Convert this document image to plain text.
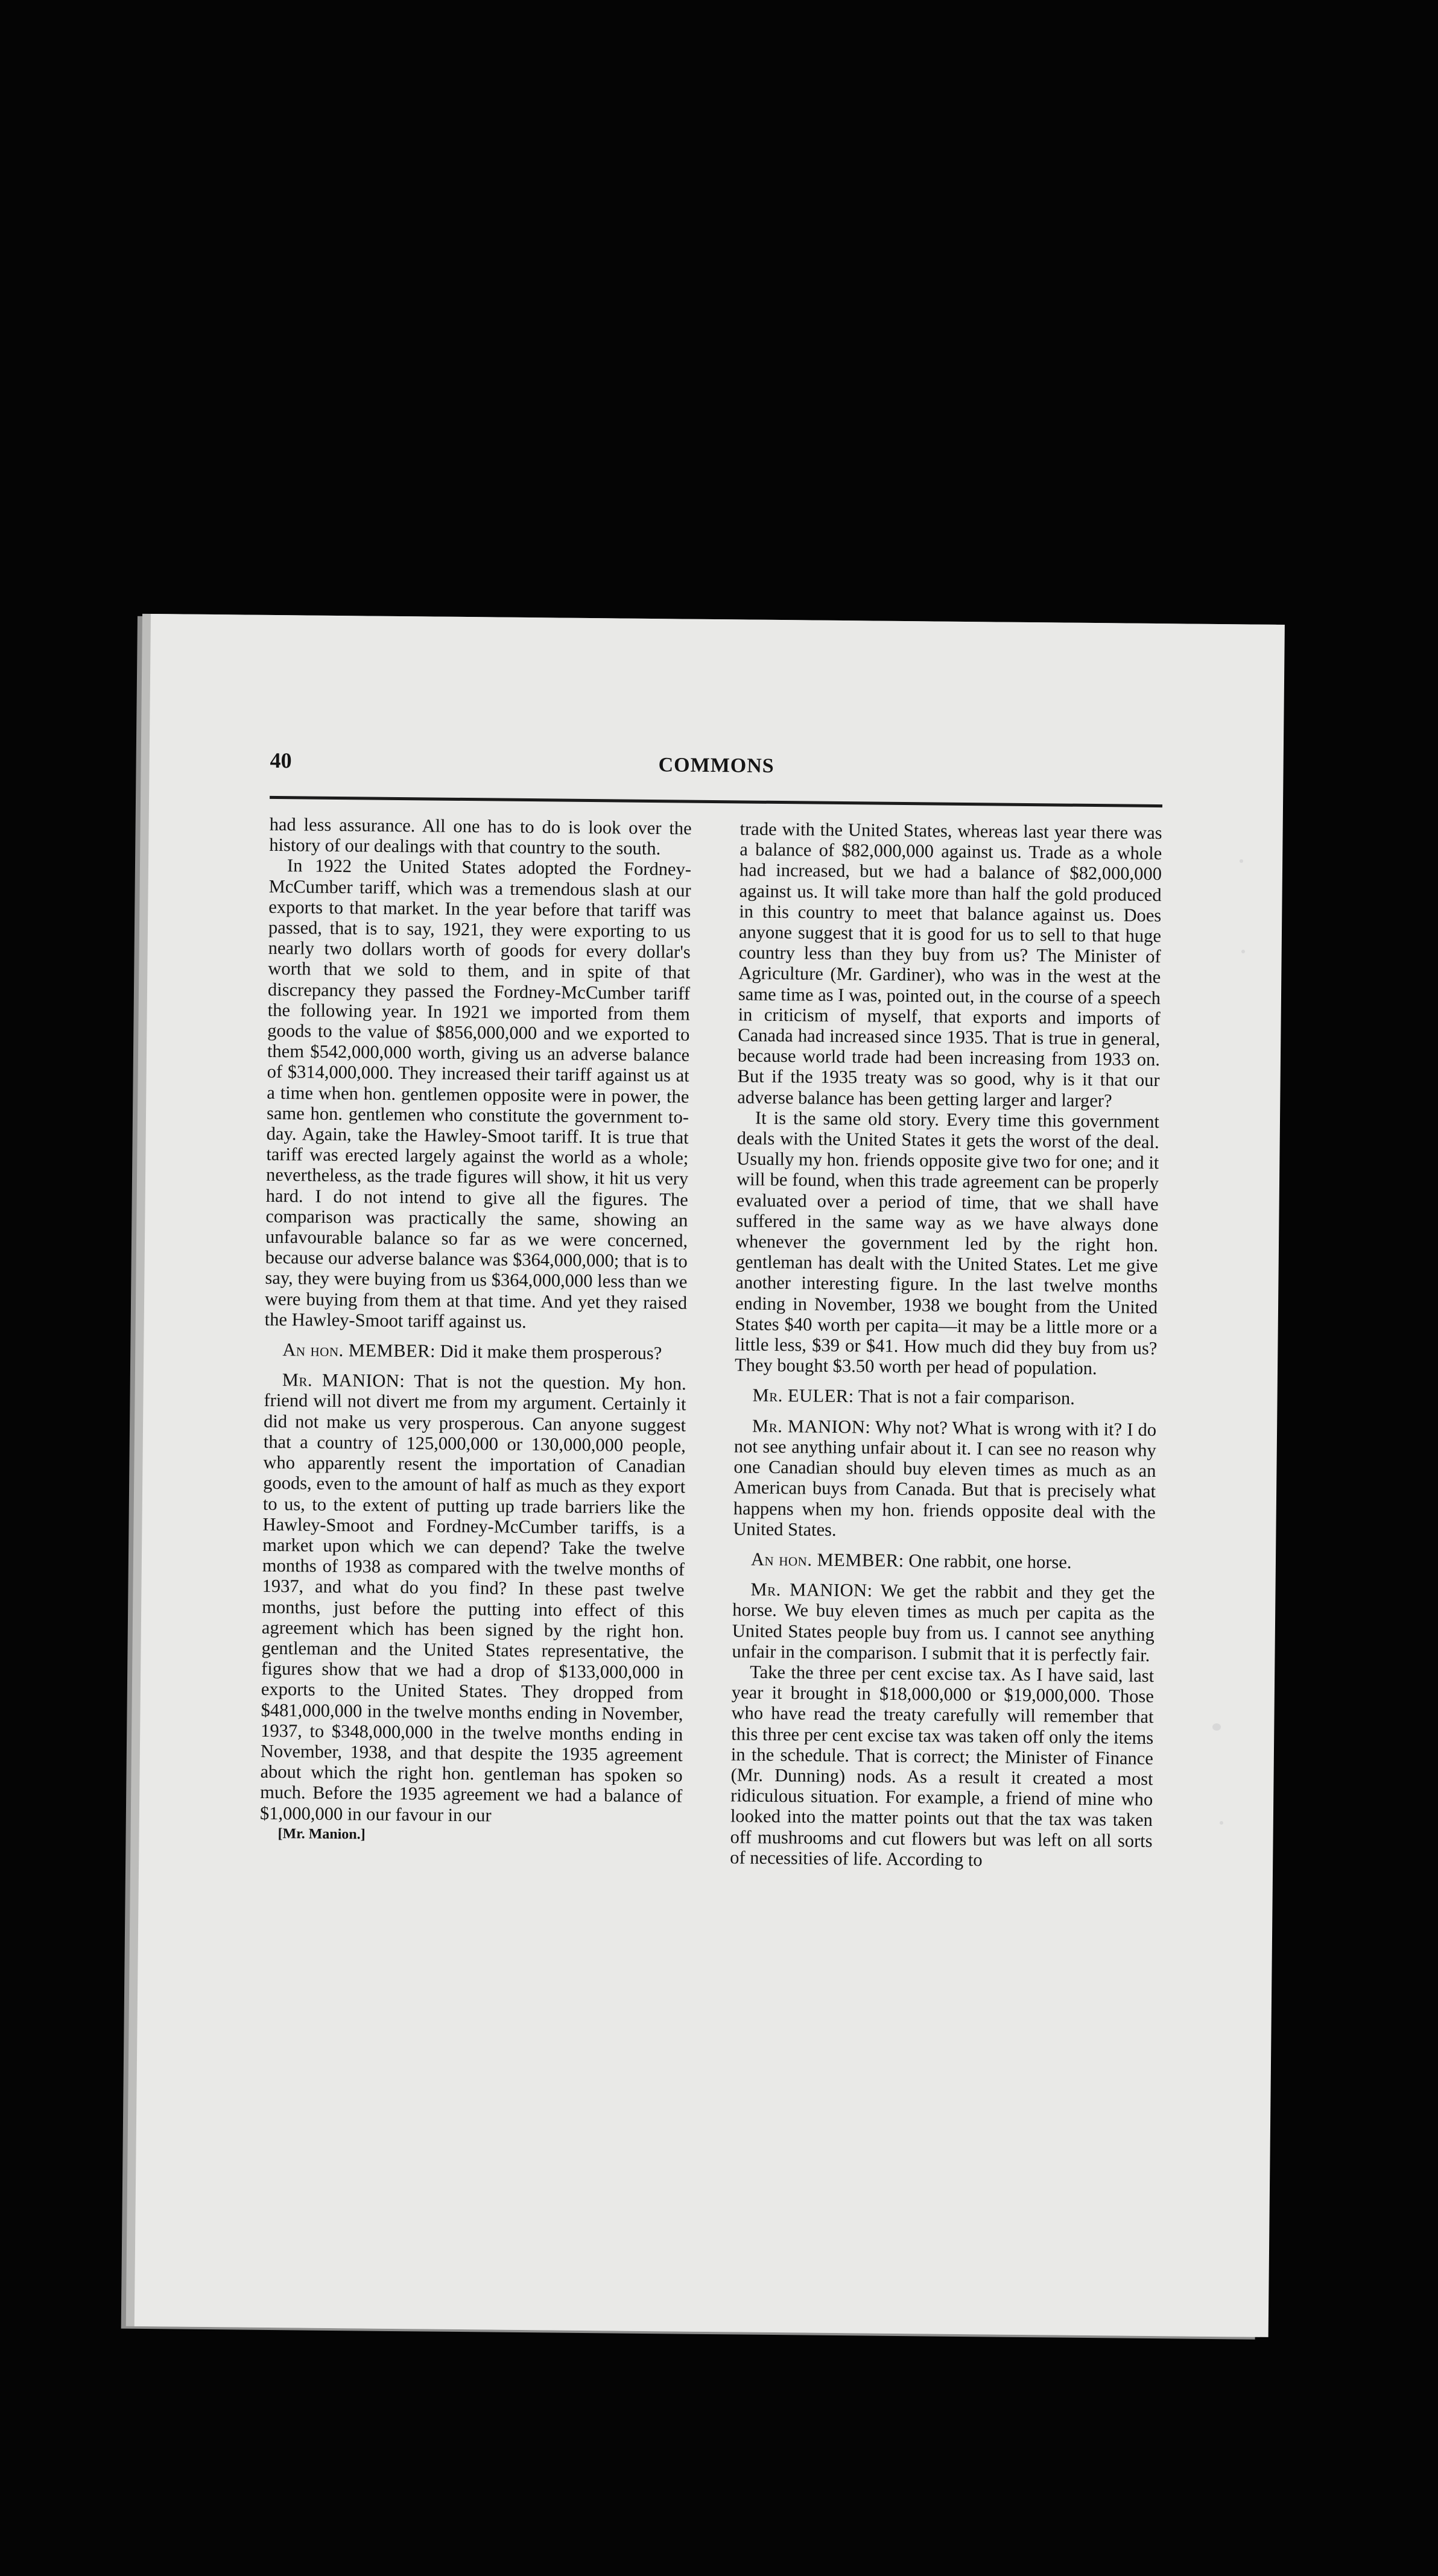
40	COMMONS

had less assurance. All one has to do is look over the history of our dealings with that country to the south.

In 1922 the United States adopted the Fordney-McCumber tariff, which was a tremendous slash at our exports to that market. In the year before that tariff was passed, that is to say, 1921, they were exporting to us nearly two dollars worth of goods for every dollar's worth that we sold to them, and in spite of that discrepancy they passed the Fordney-McCumber tariff the following year. In 1921 we imported from them goods to the value of $856,000,000 and we exported to them $542,000,000 worth, giving us an adverse balance of $314,000,000. They increased their tariff against us at a time when hon. gentlemen opposite were in power, the same hon. gentlemen who constitute the government to-day. Again, take the Hawley-Smoot tariff. It is true that tariff was erected largely against the world as a whole; nevertheless, as the trade figures will show, it hit us very hard. I do not intend to give all the figures. The comparison was practically the same, showing an unfavourable balance so far as we were concerned, because our adverse balance was $364,000,000; that is to say, they were buying from us $364,000,000 less than we were buying from them at that time. And yet they raised the Hawley-Smoot tariff against us.

An hon. MEMBER: Did it make them prosperous?

Mr. MANION: That is not the question. My hon. friend will not divert me from my argument. Certainly it did not make us very prosperous. Can anyone suggest that a country of 125,000,000 or 130,000,000 people, who apparently resent the importation of Canadian goods, even to the amount of half as much as they export to us, to the extent of putting up trade barriers like the Hawley-Smoot and Fordney-McCumber tariffs, is a market upon which we can depend? Take the twelve months of 1938 as compared with the twelve months of 1937, and what do you find? In these past twelve months, just before the putting into effect of this agreement which has been signed by the right hon. gentleman and the United States representative, the figures show that we had a drop of $133,000,000 in exports to the United States. They dropped from $481,000,000 in the twelve months ending in November, 1937, to $348,000,000 in the twelve months ending in November, 1938, and that despite the 1935 agreement about which the right hon. gentleman has spoken so much. Before the 1935 agreement we had a balance of $1,000,000 in our favour in our

[Mr. Manion.]

trade with the United States, whereas last year there was a balance of $82,000,000 against us. Trade as a whole had increased, but we had a balance of $82,000,000 against us. It will take more than half the gold produced in this country to meet that balance against us. Does anyone suggest that it is good for us to sell to that huge country less than they buy from us? The Minister of Agriculture (Mr. Gardiner), who was in the west at the same time as I was, pointed out, in the course of a speech in criticism of myself, that exports and imports of Canada had increased since 1935. That is true in general, because world trade had been increasing from 1933 on. But if the 1935 treaty was so good, why is it that our adverse balance has been getting larger and larger?

It is the same old story. Every time this government deals with the United States it gets the worst of the deal. Usually my hon. friends opposite give two for one; and it will be found, when this trade agreement can be properly evaluated over a period of time, that we shall have suffered in the same way as we have always done whenever the government led by the right hon. gentleman has dealt with the United States. Let me give another interesting figure. In the last twelve months ending in November, 1938 we bought from the United States $40 worth per capita—it may be a little more or a little less, $39 or $41. How much did they buy from us? They bought $3.50 worth per head of population.

Mr. EULER: That is not a fair comparison.

Mr. MANION: Why not? What is wrong with it? I do not see anything unfair about it. I can see no reason why one Canadian should buy eleven times as much as an American buys from Canada. But that is precisely what happens when my hon. friends opposite deal with the United States.

An hon. MEMBER: One rabbit, one horse.

Mr. MANION: We get the rabbit and they get the horse. We buy eleven times as much per capita as the United States people buy from us. I cannot see anything unfair in the comparison. I submit that it is perfectly fair.

Take the three per cent excise tax. As I have said, last year it brought in $18,000,000 or $19,000,000. Those who have read the treaty carefully will remember that this three per cent excise tax was taken off only the items in the schedule. That is correct; the Minister of Finance (Mr. Dunning) nods. As a result it created a most ridiculous situation. For example, a friend of mine who looked into the matter points out that the tax was taken off mushrooms and cut flowers but was left on all sorts of necessities of life. According to
